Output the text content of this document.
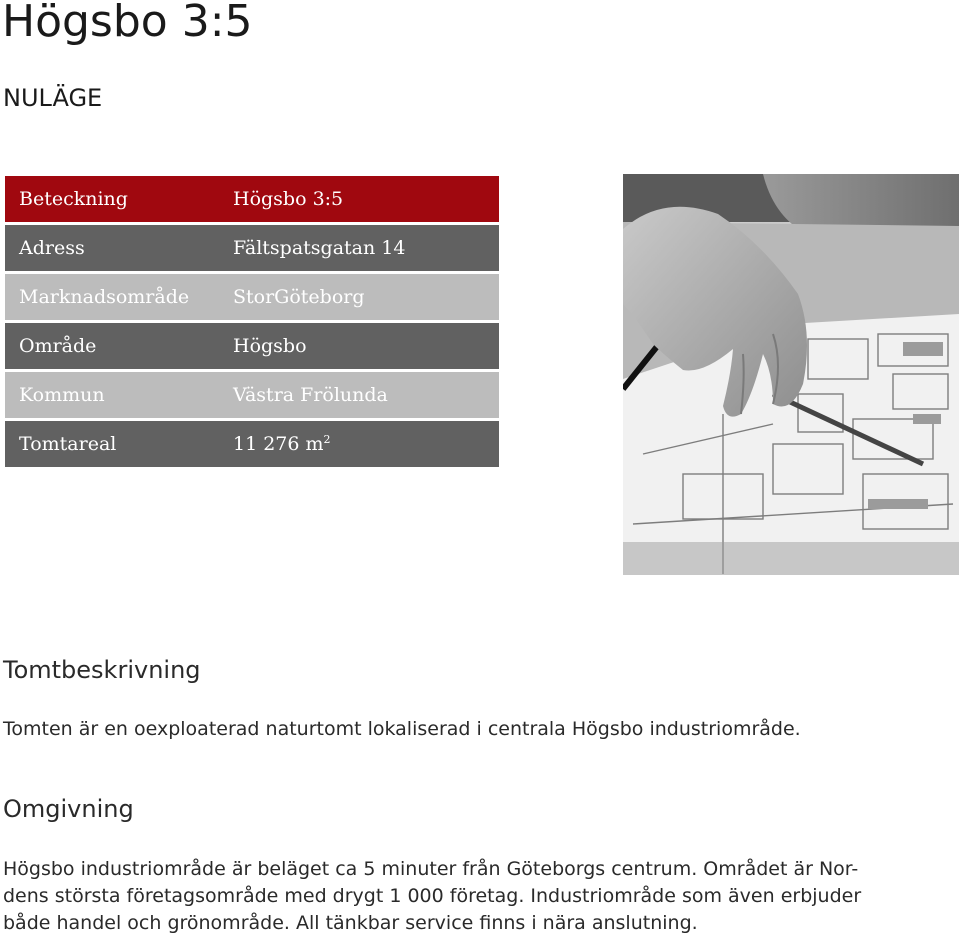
Högsbo 3:5
NULÄGE
Beteckning	Högsbo 3:5
Adress	Fältspatsgatan 14
Marknadsområde StorGöteborg
Område	Högsbo
Kommun	Västra Frölunda
Tomtareal	11 276 $m^2$
Tomtbeskrivning

Tomten är en oexploaterad naturtomt lokaliserad i centrala Högsbo industriområde.

Omgivning
Högsbo industriområde är beläget ca 5 minuter från Göteborgs centrum. Området är Nor-
dens största företagsområde med drygt 1 000 företag. Industriområde som även erbjuder
både handel och grönområde. All tänkbar service finns i nära anslutning.
